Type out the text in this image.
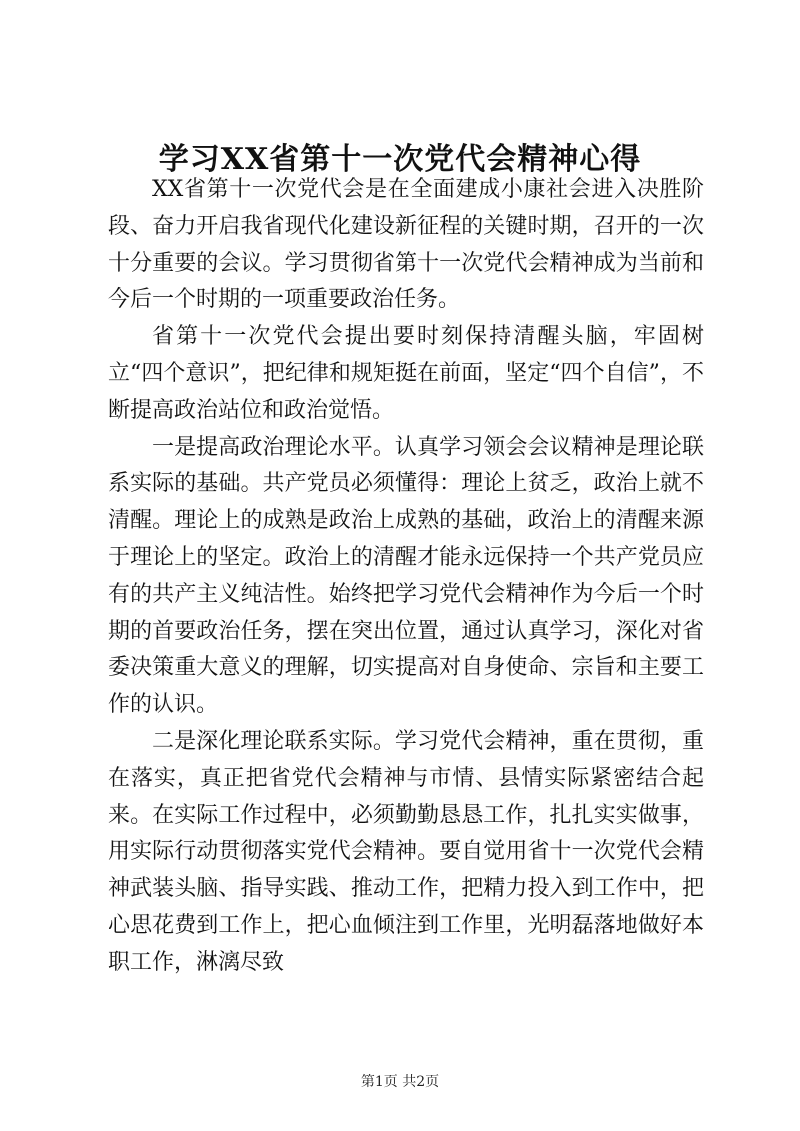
学习XX省第十一次党代会精神心得

XX省第十一次党代会是在全面建成小康社会进入决胜阶段、奋力开启我省现代化建设新征程的关键时期，召开的一次十分重要的会议。学习贯彻省第十一次党代会精神成为当前和今后一个时期的一项重要政治任务。

省第十一次党代会提出要时刻保持清醒头脑，牢固树立“四个意识”，把纪律和规矩挺在前面，坚定“四个自信”，不断提高政治站位和政治觉悟。

一是提高政治理论水平。认真学习领会会议精神是理论联系实际的基础。共产党员必须懂得：理论上贫乏，政治上就不清醒。理论上的成熟是政治上成熟的基础，政治上的清醒来源于理论上的坚定。政治上的清醒才能永远保持一个共产党员应有的共产主义纯洁性。始终把学习党代会精神作为今后一个时期的首要政治任务，摆在突出位置，通过认真学习，深化对省委决策重大意义的理解，切实提高对自身使命、宗旨和主要工作的认识。

二是深化理论联系实际。学习党代会精神，重在贯彻，重在落实，真正把省党代会精神与市情、县情实际紧密结合起来。在实际工作过程中，必须勤勤恳恳工作，扎扎实实做事，用实际行动贯彻落实党代会精神。要自觉用省十一次党代会精神武装头脑、指导实践、推动工作，把精力投入到工作中，把心思花费到工作上，把心血倾注到工作里，光明磊落地做好本职工作，淋漓尽致

第1页 共2页
